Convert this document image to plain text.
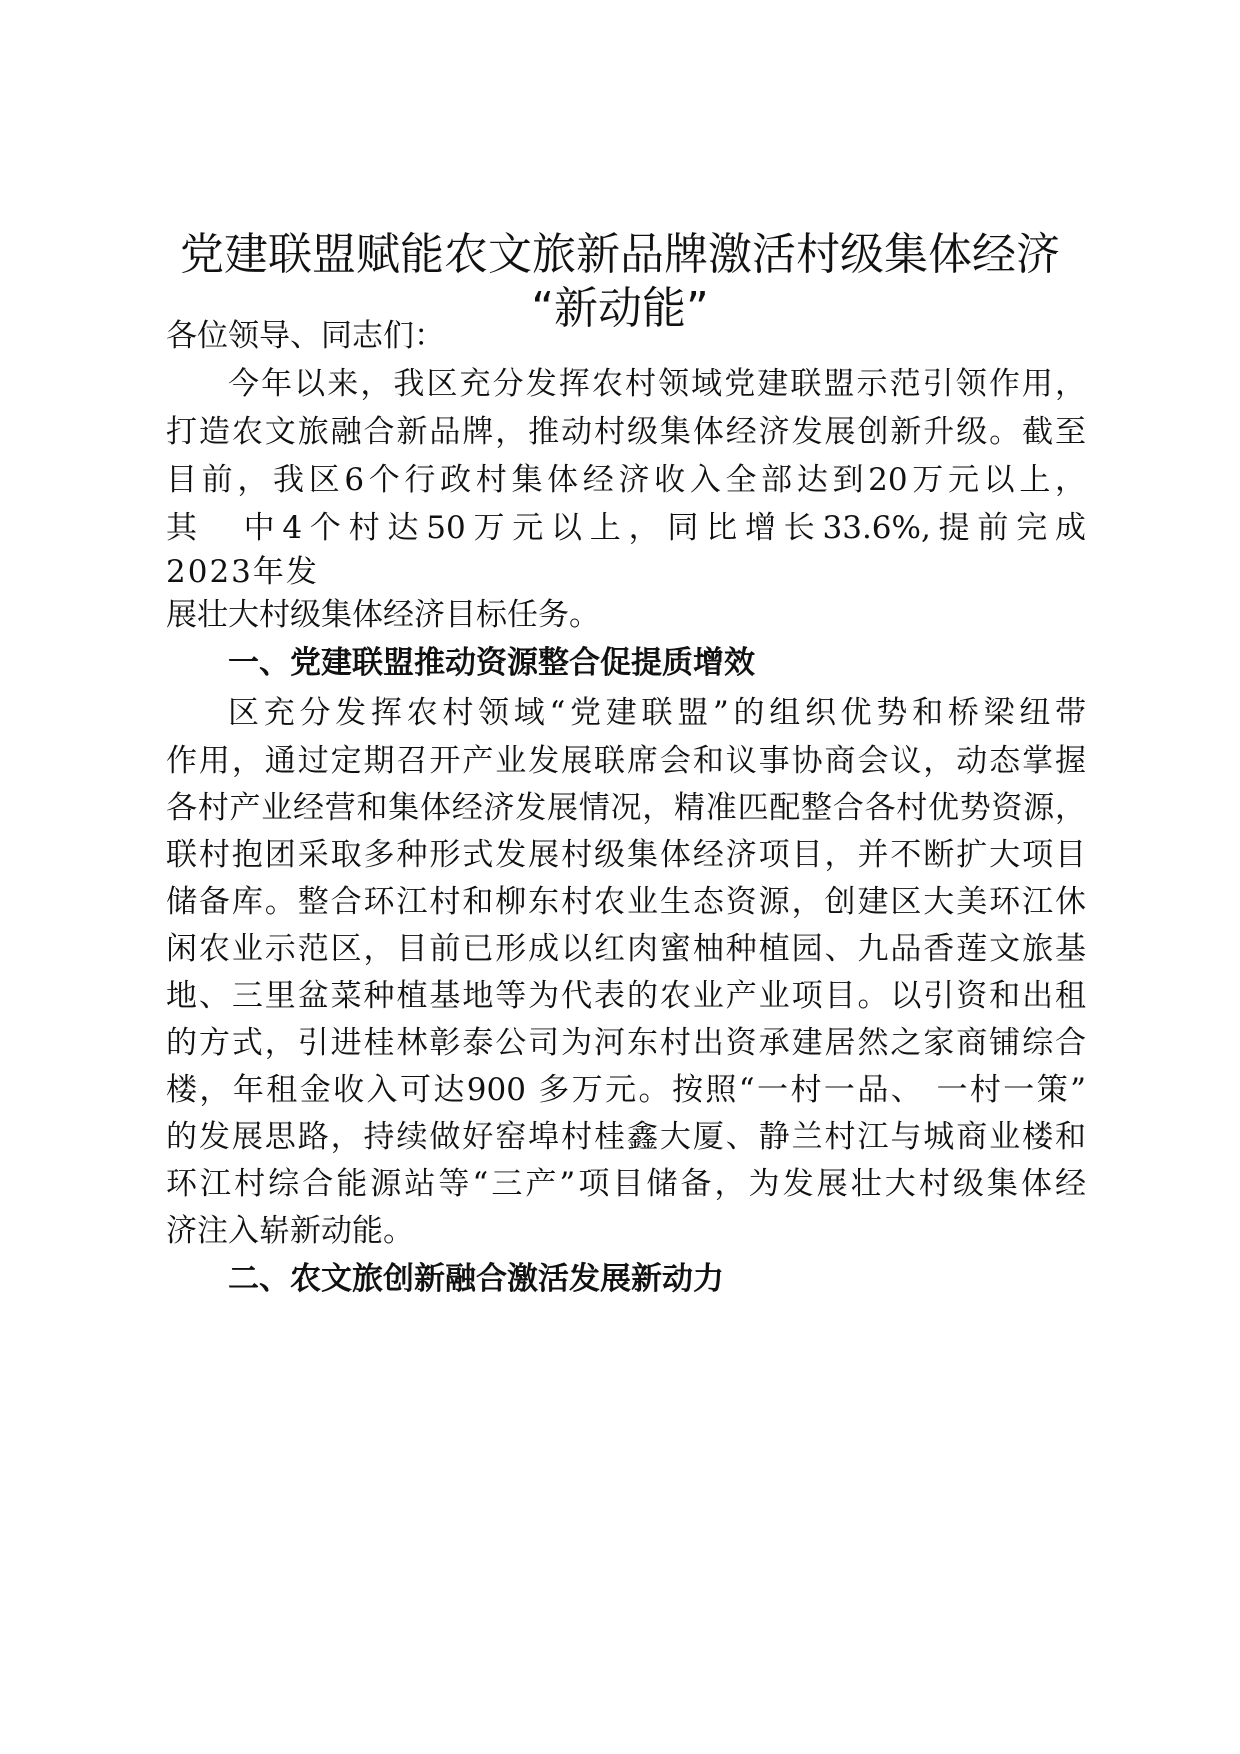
党建联盟赋能农文旅新品牌激活村级集体经济
“新动能”

各位领导、同志们：

今年以来，我区充分发挥农村领域党建联盟示范引领作用，

打造农文旅融合新品牌，推动村级集体经济发展创新升级。截至

目前，我区6个行政村集体经济收入全部达到20万元以上，

其　中4个村达50万元以上，同比增长33.6%,提前完成

2023年发

展壮大村级集体经济目标任务。

一、党建联盟推动资源整合促提质增效

区充分发挥农村领域“党建联盟”的组织优势和桥梁纽带

作用，通过定期召开产业发展联席会和议事协商会议，动态掌握

各村产业经营和集体经济发展情况，精准匹配整合各村优势资源，

联村抱团采取多种形式发展村级集体经济项目，并不断扩大项目

储备库。整合环江村和柳东村农业生态资源，创建区大美环江休

闲农业示范区，目前已形成以红肉蜜柚种植园、九品香莲文旅基

地、三里盆菜种植基地等为代表的农业产业项目。以引资和出租

的方式，引进桂林彰泰公司为河东村出资承建居然之家商铺综合

楼，年租金收入可达900 多万元。按照“一村一品、 一村一策”

的发展思路，持续做好窑埠村桂鑫大厦、静兰村江与城商业楼和

环江村综合能源站等“三产”项目储备，为发展壮大村级集体经

济注入崭新动能。

二、农文旅创新融合激活发展新动力
